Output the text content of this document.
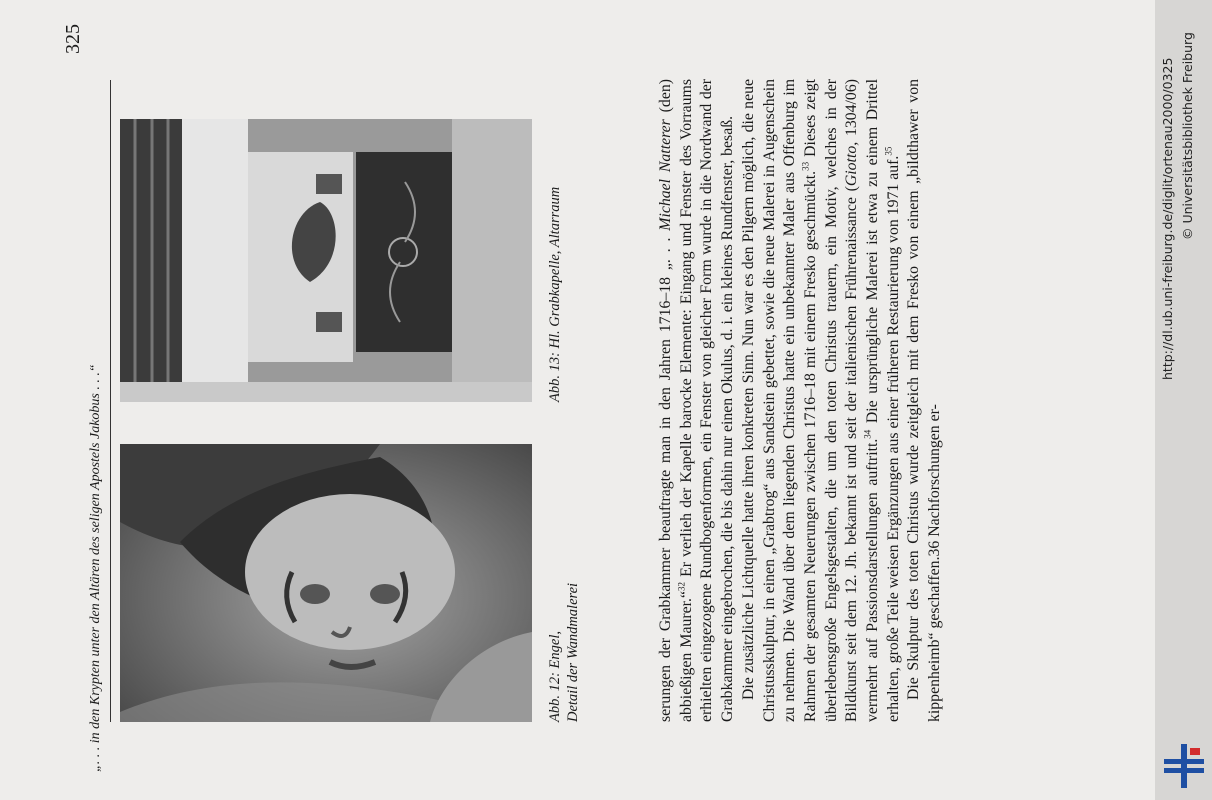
http://dl.ub.uni-freiburg.de/diglit/ortenau2000/0325 © Universitätsbibliothek Freiburg
„. . . in den Krypten unter den Altären des seligen Apostels Jakobus . . .“
325
Abb. 12: Engel, Detail der Wandmalerei
Abb. 13: Hl. Grabkapelle, Altarraum	serungen der Grabkammer beauftragte man in den Jahren 1716–18 „. . . Michael Natterer (den) abbießigen Maurer.“$^{32}$ Er verlieh der Kapelle barocke Elemente: Eingang und Fenster des Vorraums erhielten eingezogene Rundbogenformen, ein Fenster von gleicher Form wurde in die Nordwand der Grabkammer eingebrochen, die bis dahin nur einen Okulus, d. i. ein kleines Rundfenster, besaß. Die zusätzliche Lichtquelle hatte ihren konkreten Sinn. Nun war es den Pilgern möglich, die neue Christusskulptur, in einen „Grabtrog“ aus Sandstein gebettet, sowie die neue Malerei in Augenschein zu nehmen. Die Wand über dem liegenden Christus hatte ein unbekannter Maler aus Offenburg im Rahmen der gesamten Neuerungen zwischen 1716–18 mit einem Fresko geschmückt.$^{33}$ Dieses zeigt überlebensgroße Engelsgestalten, die um den toten Christus trauern, ein Motiv, welches in der Bildkunst seit dem 12. Jh. bekannt ist und seit der italienischen Frührenaissance (Giotto, 1304/06) vermehrt auf Passionsdarstellungen auftritt.$^{34}$ Die ursprüngliche Malerei ist etwa zu einem Drittel erhalten, große Teile weisen Ergänzungen aus einer früheren Restaurierung von 1971 auf.$^{35}$ Die Skulptur des toten Christus wurde zeitgleich mit dem Fresko von einem „bildthawer von kippenheimb“ geschaffen.36 Nachforschungen er-
